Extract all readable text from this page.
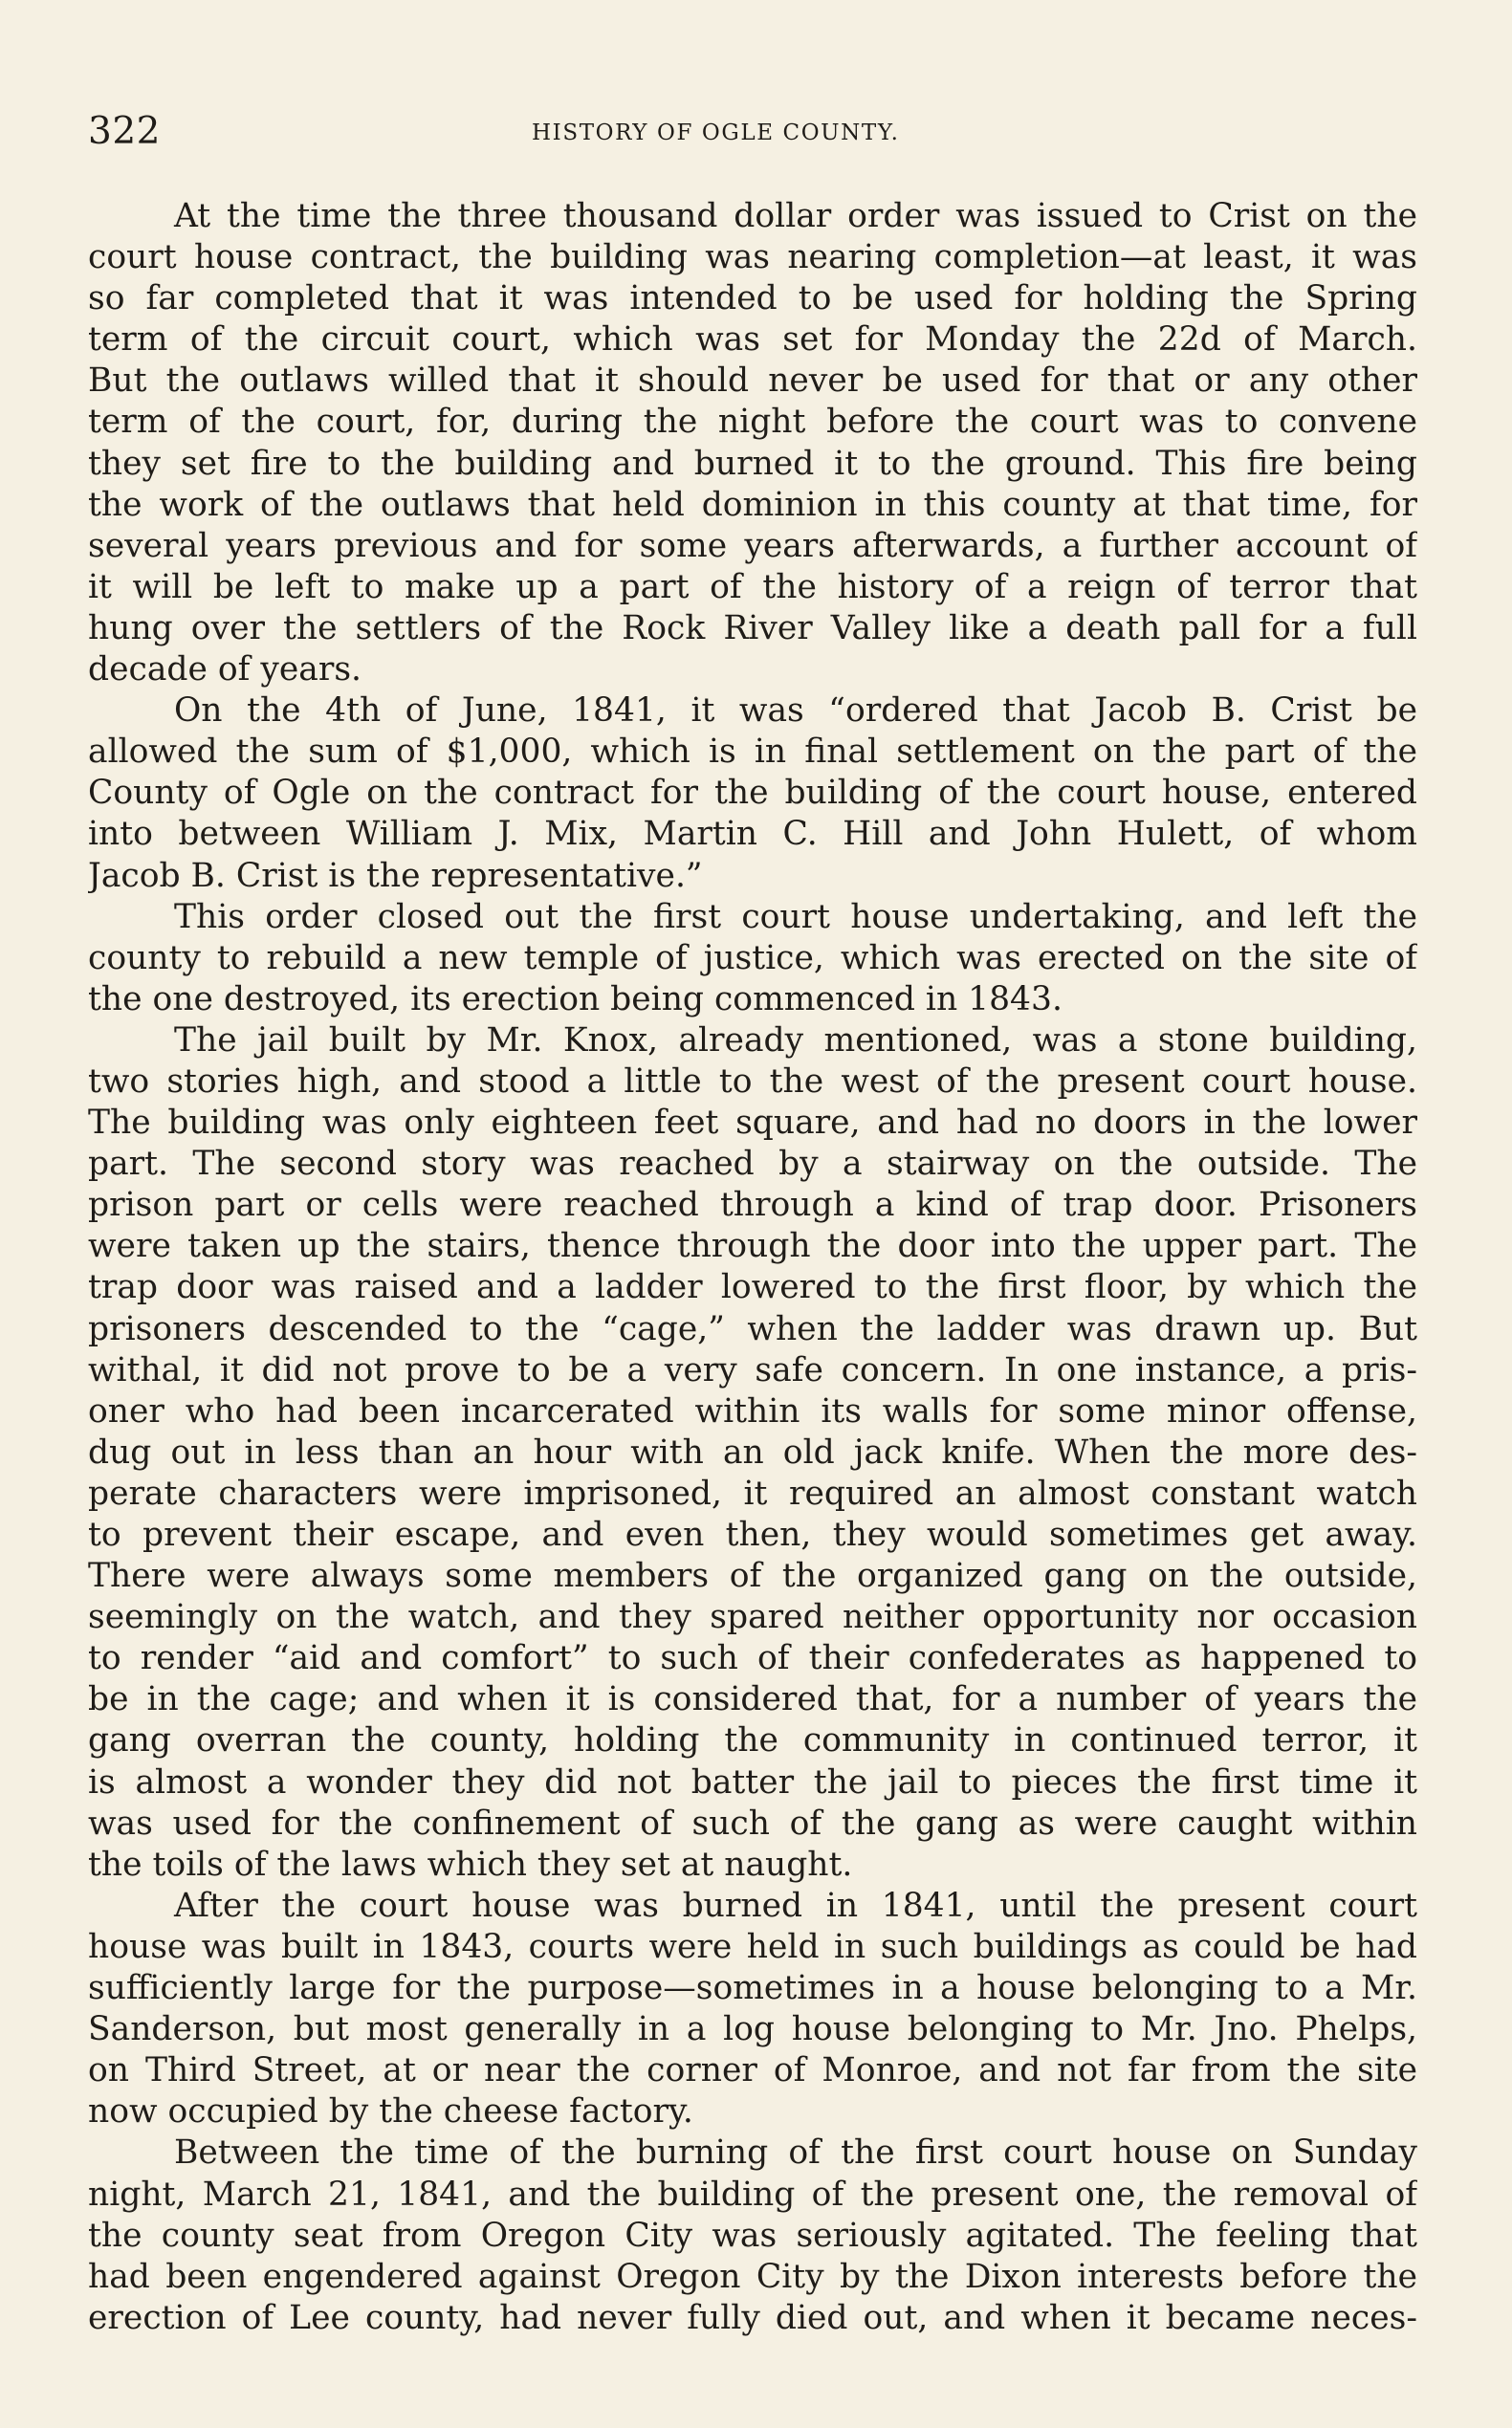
322	HISTORY OF OGLE COUNTY.
At the time the three thousand dollar order was issued to Crist on the
court house contract, the building was nearing completion—at least, it was
so far completed that it was intended to be used for holding the Spring
term of the circuit court, which was set for Monday the 22d of March.
But the outlaws willed that it should never be used for that or any other
term of the court, for, during the night before the court was to convene
they set fire to the building and burned it to the ground. This fire being
the work of the outlaws that held dominion in this county at that time, for
several years previous and for some years afterwards, a further account of
it will be left to make up a part of the history of a reign of terror that
hung over the settlers of the Rock River Valley like a death pall for a full
decade of years.
On the 4th of June, 1841, it was “ordered that Jacob B. Crist be
allowed the sum of $1,000, which is in final settlement on the part of the
County of Ogle on the contract for the building of the court house, entered
into between William J. Mix, Martin C. Hill and John Hulett, of whom
Jacob B. Crist is the representative.”
This order closed out the first court house undertaking, and left the
county to rebuild a new temple of justice, which was erected on the site of
the one destroyed, its erection being commenced in 1843.
The jail built by Mr. Knox, already mentioned, was a stone building,
two stories high, and stood a little to the west of the present court house.
The building was only eighteen feet square, and had no doors in the lower
part. The second story was reached by a stairway on the outside. The
prison part or cells were reached through a kind of trap door. Prisoners
were taken up the stairs, thence through the door into the upper part. The
trap door was raised and a ladder lowered to the first floor, by which the
prisoners descended to the “cage,” when the ladder was drawn up. But
withal, it did not prove to be a very safe concern. In one instance, a pris-
oner who had been incarcerated within its walls for some minor offense,
dug out in less than an hour with an old jack knife. When the more des-
perate characters were imprisoned, it required an almost constant watch
to prevent their escape, and even then, they would sometimes get away.
There were always some members of the organized gang on the outside,
seemingly on the watch, and they spared neither opportunity nor occasion
to render “aid and comfort” to such of their confederates as happened to
be in the cage; and when it is considered that, for a number of years the
gang overran the county, holding the community in continued terror, it
is almost a wonder they did not batter the jail to pieces the first time it
was used for the confinement of such of the gang as were caught within
the toils of the laws which they set at naught.
After the court house was burned in 1841, until the present court
house was built in 1843, courts were held in such buildings as could be had
sufficiently large for the purpose—sometimes in a house belonging to a Mr.
Sanderson, but most generally in a log house belonging to Mr. Jno. Phelps,
on Third Street, at or near the corner of Monroe, and not far from the site
now occupied by the cheese factory.
Between the time of the burning of the first court house on Sunday
night, March 21, 1841, and the building of the present one, the removal of
the county seat from Oregon City was seriously agitated. The feeling that
had been engendered against Oregon City by the Dixon interests before the
erection of Lee county, had never fully died out, and when it became neces-
